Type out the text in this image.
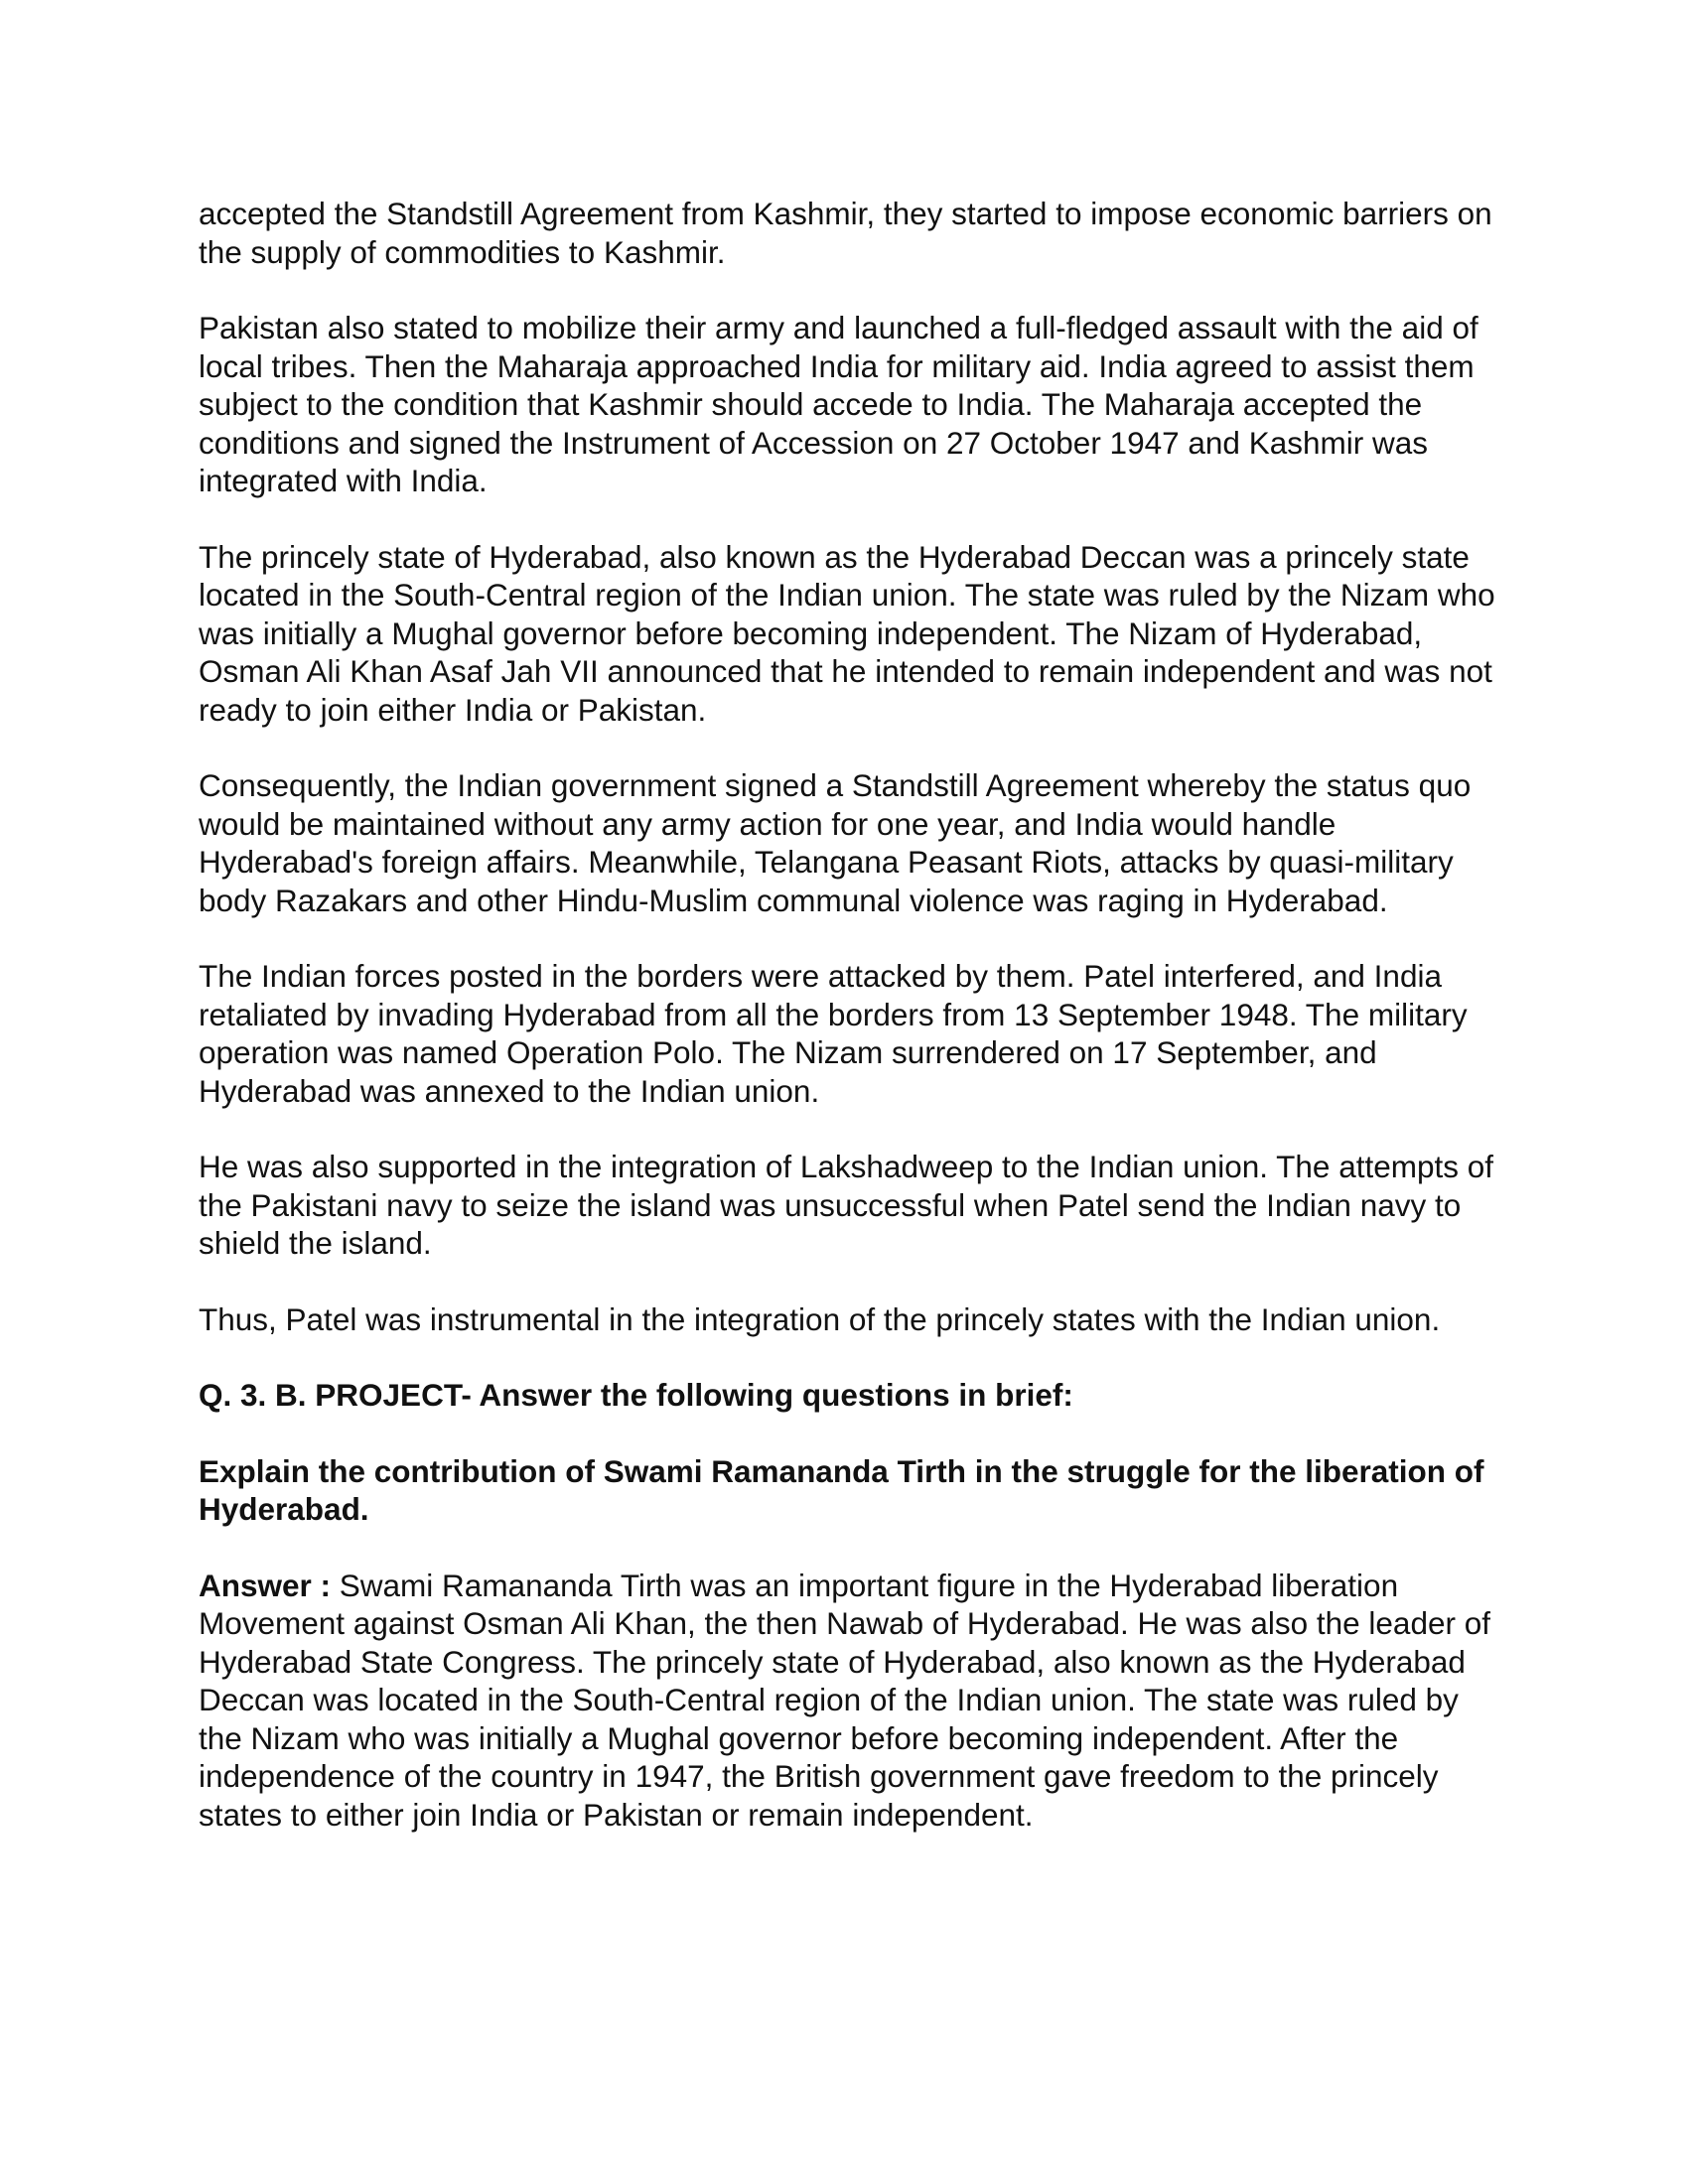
accepted the Standstill Agreement from Kashmir, they started to impose economic barriers on the supply of commodities to Kashmir.

Pakistan also stated to mobilize their army and launched a full-fledged assault with the aid of local tribes. Then the Maharaja approached India for military aid. India agreed to assist them subject to the condition that Kashmir should accede to India. The Maharaja accepted the conditions and signed the Instrument of Accession on 27 October 1947 and Kashmir was integrated with India.

The princely state of Hyderabad, also known as the Hyderabad Deccan was a princely state located in the South-Central region of the Indian union. The state was ruled by the Nizam who was initially a Mughal governor before becoming independent. The Nizam of Hyderabad, Osman Ali Khan Asaf Jah VII announced that he intended to remain independent and was not ready to join either India or Pakistan.

Consequently, the Indian government signed a Standstill Agreement whereby the status quo would be maintained without any army action for one year, and India would handle Hyderabad's foreign affairs. Meanwhile, Telangana Peasant Riots, attacks by quasi-military body Razakars and other Hindu-Muslim communal violence was raging in Hyderabad.

The Indian forces posted in the borders were attacked by them. Patel interfered, and India retaliated by invading Hyderabad from all the borders from 13 September 1948. The military operation was named Operation Polo. The Nizam surrendered on 17 September, and Hyderabad was annexed to the Indian union.

He was also supported in the integration of Lakshadweep to the Indian union. The attempts of the Pakistani navy to seize the island was unsuccessful when Patel send the Indian navy to shield the island.

Thus, Patel was instrumental in the integration of the princely states with the Indian union.

Q. 3. B. PROJECT- Answer the following questions in brief:

Explain the contribution of Swami Ramananda Tirth in the struggle for the liberation of Hyderabad.

Answer : Swami Ramananda Tirth was an important figure in the Hyderabad liberation Movement against Osman Ali Khan, the then Nawab of Hyderabad. He was also the leader of Hyderabad State Congress. The princely state of Hyderabad, also known as the Hyderabad Deccan was located in the South-Central region of the Indian union. The state was ruled by the Nizam who was initially a Mughal governor before becoming independent. After the independence of the country in 1947, the British government gave freedom to the princely states to either join India or Pakistan or remain independent.
